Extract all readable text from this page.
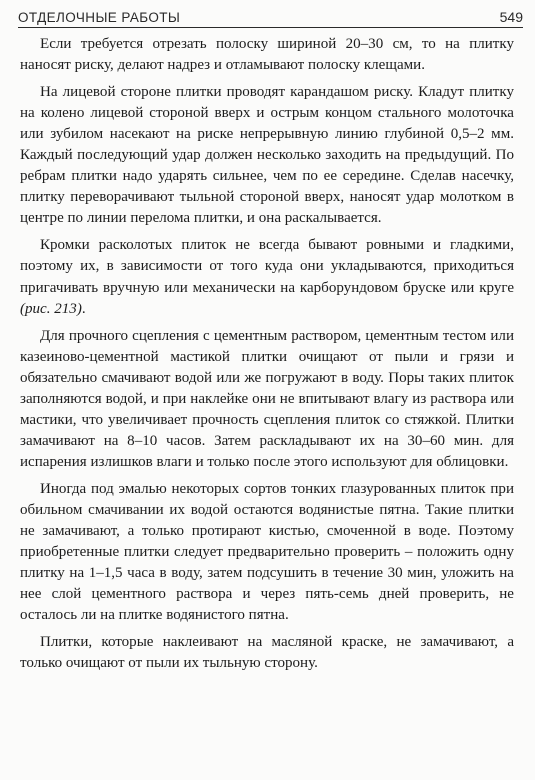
ОТДЕЛОЧНЫЕ РАБОТЫ	549

Если требуется отрезать полоску шириной 20–30 см, то на плитку наносят риску, делают надрез и отламывают полоску клещами.

На лицевой стороне плитки проводят карандашом риску. Кладут плитку на колено лицевой стороной вверх и острым концом стального молоточка или зубилом насекают на риске непрерывную линию глубиной 0,5–2 мм. Каждый последующий удар должен несколько заходить на предыдущий. По ребрам плитки надо ударять сильнее, чем по ее середине. Сделав насечку, плитку переворачивают тыльной стороной вверх, наносят удар молотком в центре по линии перелома плитки, и она раскалывается.

Кромки расколотых плиток не всегда бывают ровными и гладкими, поэтому их, в зависимости от того куда они укладываются, приходиться пригачивать вручную или механически на карборундовом бруске или круге (рис. 213).

Для прочного сцепления с цементным раствором, цементным тестом или казеиново-цементной мастикой плитки очищают от пыли и грязи и обязательно смачивают водой или же погружают в воду. Поры таких плиток заполняются водой, и при наклейке они не впитывают влагу из раствора или мастики, что увеличивает прочность сцепления плиток со стяжкой. Плитки замачивают на 8–10 часов. Затем раскладывают их на 30–60 мин. для испарения излишков влаги и только после этого используют для облицовки.

Иногда под эмалью некоторых сортов тонких глазурованных плиток при обильном смачивании их водой остаются водянистые пятна. Такие плитки не замачивают, а только протирают кистью, смоченной в воде. Поэтому приобретенные плитки следует предварительно проверить – положить одну плитку на 1–1,5 часа в воду, затем подсушить в течение 30 мин, уложить на нее слой цементного раствора и через пять-семь дней проверить, не осталось ли на плитке водянистого пятна.

Плитки, которые наклеивают на масляной краске, не замачивают, а только очищают от пыли их тыльную сторону.
